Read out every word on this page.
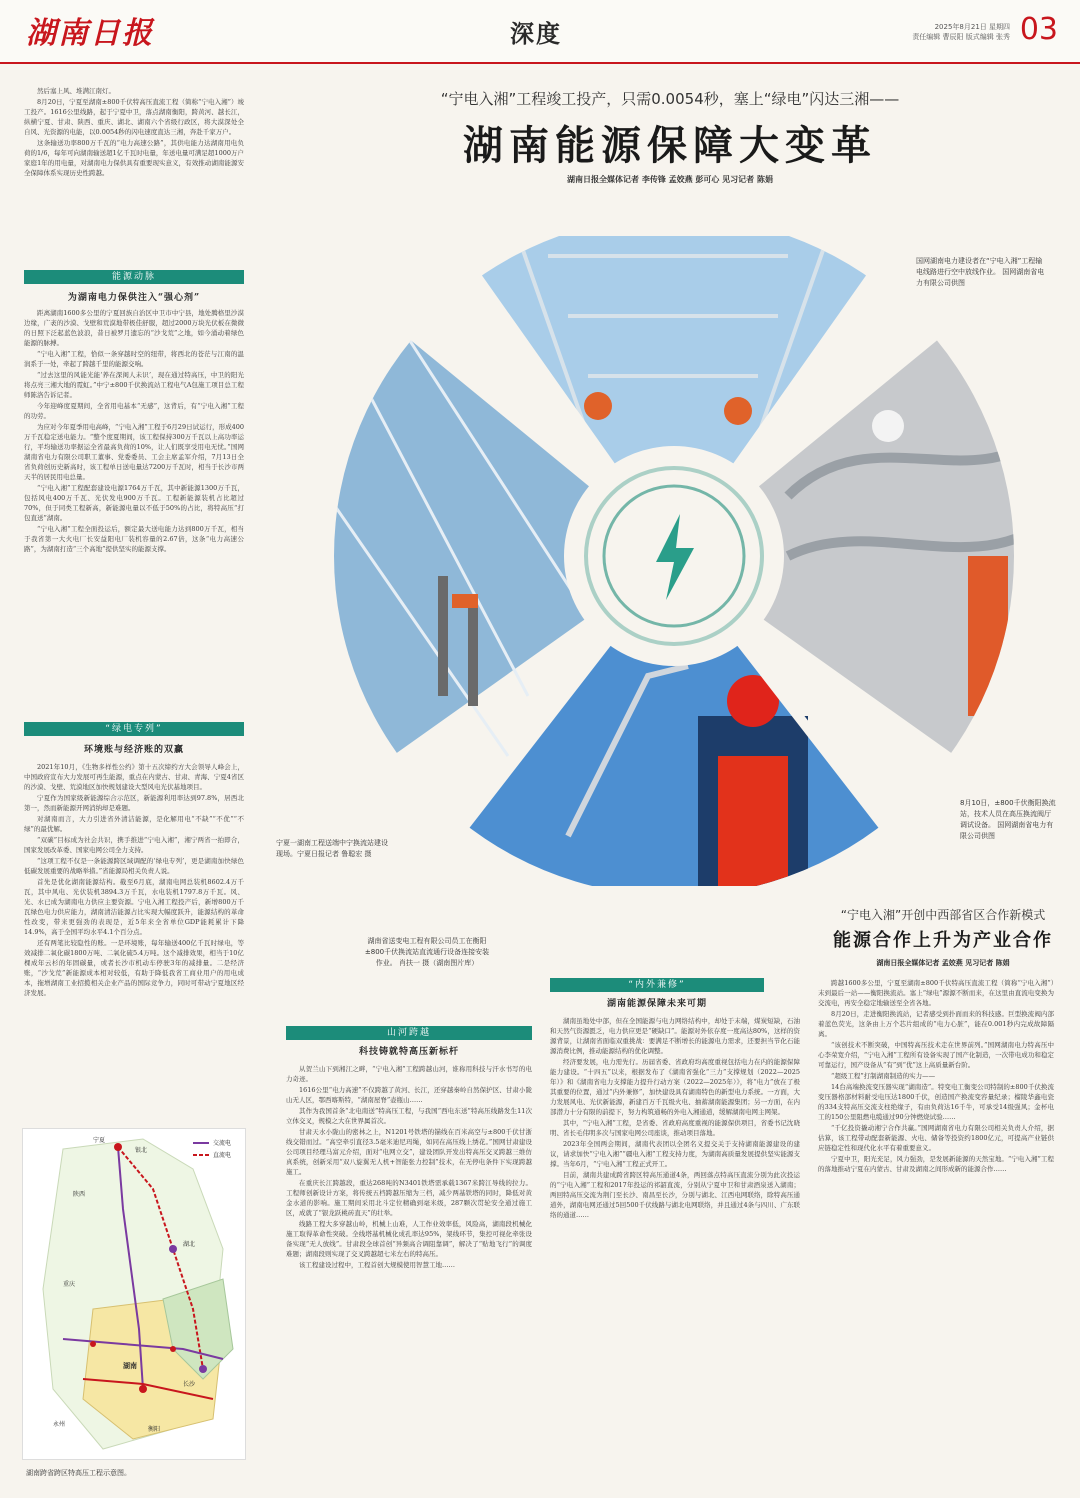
湖南日报	深度	2025年8月21日 星期四
责任编辑 曹辰阳 版式编辑 张秀 03

然后塞上风、堆满江南灯。

8月20日，宁夏至湖南±800千伏特高压直流工程（简称“宁电入湘”）竣工投产。1616公里线路，起于宁夏中卫，落点湖南衡阳，跨黄河、越长江，纵横宁夏、甘肃、陕西、重庆、湖北、湖南六个省级行政区，将大漠深处全自风、光资源的电能，以0.0054秒的闪电速度直达三湘，奔赴千家万户。

这条输送功率800万千瓦的“电力高速公路”，其供电能力达湖南用电负荷的1/6，每年可向湖南输送超1亿千瓦时电量，年送电量可满足超1000万户家庭1年的用电量，对湖南电力保供具有重要现实意义，有效推动湖南能源安全保障体系实现历史性跨越。

能源动脉
为湖南电力保供注入“强心剂”

距离湖南1600多公里的宁夏回族自治区中卫市中宁县，地处腾格里沙漠边缘，广袤的沙漠、戈壁和荒漠地带极佳舒服，超过2000万块光伏板在微微的日照下泛起蓝色波浪，昔日被罗月遗忘的“沙戈荒”之地，如今涌动着绿色能源的脉搏。

“宁电入湘”工程，恰似一条穿越时空的纽带，将西北的苍茫与江南的温润系于一处，牵起了跨越千里的能源交响。

“过去这里的风能光能‘养在深闺人未识’，现在通过特高压，中卫的阳光将点亮三湘大地的霓虹。”中宁±800千伏换流站工程电气A包施工项目总工程师陈洛告诉记者。

今年迎峰度夏期间，全省用电基本“无感”，这背后，有“宁电入湘”工程的功劳。

为应对今年夏季用电高峰，“宁电入湘”工程于6月29日试运行，形成400万千瓦稳定送电能力。“整个度夏期间，该工程保持300万千瓦以上高功率运行，平均输送功率据运全省最高负荷的10%，让人们既享受用电无忧。”国网湖南省电力有限公司职工董事、党委委员、工会主席孟军介绍，7月13日全省负荷创历史新高时，该工程单日送电量达7200万千瓦时，相当于长沙市两天半的居民用电总量。

“宁电入湘”工程配套建设电源1764万千瓦，其中新能源1300万千瓦，包括风电400万千瓦、光伏发电900万千瓦。工程新能源装机占比超过70%，但于同类工程新高，新能源电量以不低于50%的占比，将特高压“打包直送”湖南。

“宁电入湘”工程全面投运后，额定最大送电能力达到800万千瓦，相当于我省第一大火电厂长安益阳电厂装机容量的2.67倍，这条“电力高速公路”，为湖南打造“三个高地”提供坚实的能源支撑。

“绿电专列”
环境账与经济账的双赢

2021年10月，《生物多样性公约》第十五次缔约方大会领导人峰会上，中国政府宣布大力发展可再生能源，重点在内蒙古、甘肃、青海、宁夏4省区的沙漠、戈壁、荒漠地区加快规划建设大型风电光伏基地项目。

宁夏作为国家级新能源综合示范区，新能源利用率达到97.8%，居西北第一，然而新能源开网消纳却是难题。

对湖南而言，大力引进省外清洁能源，是化解用电“不缺”“不优”“不绿”的最优解。

“双碳”目标成为社会共识，携手推进“宁电入湘”，湘宁两省一拍即合，国家发展改革委、国家电网公司全力支持。

“这项工程不仅是一条能源跨区域调配的‘绿电专列’，更是湖南加快绿色低碳发展重要的战略举措。”省能源局相关负责人说。

首先是优化湖南能源结构。截至6月底，湖南电网总装机8602.4万千瓦，其中风电、光伏装机3894.3万千瓦，水电装机1797.8万千瓦。风、光、水已成为湖南电力供应主要资源。宁电入湘工程投产后，新增800万千瓦绿色电力供应能力，湖南清洁能源占比实现大幅度跃升，能源结构的革命性改变，带来更强劲的表现是，近5年来全省单位GDP能耗累计下降14.9%，高于全国平均水平4.1个百分点。

还有两笔比较隐性的账。一是环境账，每年输送400亿千瓦时绿电，等效减排二氧化碳1800万吨、二氧化硫5.4万吨。这个减排效果，相当于10亿棵成年云杉的年固碳量，或者长沙市机动车停驶3年的减排量。二是经济账，“沙戈荒”新能源成本相对较低，有助于降低我省工商业用户的用电成本，拖增湖南工业招揽相关企业产品的国际竞争力，同时可带动宁夏地区经济发展。

交流电
直流电
宁夏
银北
陕西
湖北
重庆
湖南
永州
衡阳
长沙
湖南跨省跨区特高压工程示意图。
“宁电入湘”工程竣工投产，只需0.0054秒，塞上“绿电”闪达三湘——
湖南能源保障大变革
湖南日报全媒体记者 李传锋 孟姣燕 彭可心 见习记者 陈娟
国网湖南电力建设者在“宁电入湘”工程输电线路进行空中放线作业。 国网湖南省电力有限公司供图
8月10日，±800千伏衡阳换流站，技术人员在高压换流阀厅调试设备。 国网湖南省电力有限公司供图
宁夏一湖南工程送端中宁换流站建设现场。宁夏日报记者 鲁聪宏 摄
湖南省送变电工程有限公司员工在衡阳±800千伏换流站直流通行设备连接安装作业。 肖扶一 摄（湖南图片库）
“宁电入湘”开创中西部省区合作新模式
能源合作上升为产业合作
湖南日报全媒体记者 孟姣燕 见习记者 陈娟

跨越1600多公里，宁夏至湖南±800千伏特高压直流工程（简称“宁电入湘”）末到最后一站——衡阳换流站。塞上“绿电”源源不断而来，在这里由直流电变换为交流电，再安全稳定地输送至全省各地。

8月20日，走进衡阳换流站，记者感受到扑面而来的科技感。巨型换流阀内部着蓝色荧光，这条由上万个芯片组成的“电力心脏”，能在0.001秒内完成故障隔离。

“该创技术不断突破，中国特高压技术走在世界前列。”国网湖南电力特高压中心李荣宽介绍，“宁电入湘”工程所有设备实现了国产化制造，一次带电成功和稳定可靠运行，国产设备从“有”到“优”这上高质量新台阶。

“超级工程”打制湖南制造的实力——

14台高端换流变压器实现“湖南造”。特变电工衡变公司特制的±800千伏换流变压器格部材料耐受电压达1800千伏，创造国产换流变容量纪录；榴陵华鑫电瓷的334支特高压交流支柱绝缘子，有由负荷达16千牛，可承受14级强风；金杯电工的150公里阻燃电缆通过90分钟燃烧试验……

“千亿投资撬动湘宁合作共赢。”国网湖南省电力有限公司相关负责人介绍，据估算，该工程带动配套新能源、火电、储备等投资约1800亿元，可提高产业链供应链稳定性和现代化水平有着重要意义。

宁夏中卫，阳光充足，风力强劲，是发展新能源的天然宝地。“宁电入湘”工程的落地推动宁夏在内蒙古、甘肃及湖南之间形成新的能源合作……

山河跨越
科技铸就特高压新标杆

从贺兰山下到湘江之畔，“宁电入湘”工程跨越山河，谁称用科技与汗水书写的电力奇迹。

1616公里“电力高速”不仅跨越了黄河、长江，还穿越秦岭自然保护区、甘肃小陇山无人区，鄂西喀斯特，“湖南屋脊”壶瓶山……

其作为我国首条“北电南送”特高压工程，与我国“西电东送”特高压线路发生11次立体交叉，规模之大在世界属首次。

甘肃天水小陇山的密林之上，N1201号铁塔的锚线在百米高空与±800千伏甘浙线交错而过。“高空牵引直径3.5毫米迪尼玛绳，如同在高压线上绣花。”国网甘肃建设公司项目经理马富元介绍，面对“电网立交”，建设团队开发出特高压交叉跨越三维仿真系统，创新采用“双八旋翼无人机+智能张力控制”技术，在无停电条件下实现跨越施工。

在重庆长江跨越段，重达268吨的N3401铁塔需承载1367米跨江导线的拉力。工程师创新设计方案，将传统五档跨越压缩为三档，减少两基铁塔的同时，降低对黄金水道的影响。施工期间采用北斗定位精确到毫米级，287颗次贯轮安全通过施工区，成就了“银龙跃桃砖直天”的壮举。

线路工程大多穿越山岭，机械上山难，人工作业效率低，风险高，湖南段机械化施工取得革命性突破。全线塔基机械化成孔率达95%，架线环节，集控可视化牵张设备实现“无人放线”。甘肃段全球首创“异频高合调阻靠调”，解决了“贴地飞行”的调度难题；湖南段则实现了交叉跨越超七米左右的特高压。

该工程建设过程中，工程首创大规模使用智慧工地……

“内外兼修”
湖南能源保障未来可期

湖南虽地处中部，但在全国能源与电力网络结构中，却处于末端，煤炭短缺，石油和天然气资源匮乏，电力供应更是“硬缺口”。能源对外依存度一度高达80%，这样的资源背景，让湖南省面临双重挑战：要满足不断增长的能源电力需求，还要担当节化石能源消费比例，推动能源结构的优化调整。

经济要发展，电力需先行。历届省委、省政府均高度重视包括电力在内的能源保障能力建设。“十四五”以来，根据发布了《湖南省强化“三力”支撑规划（2022—2025年）》和《湖南省电力支撑能力提升行动方案（2022—2025年）》，将“电力”放在了极其重要的位置，通过“内外兼修”，加快建设具有湖南特色的新型电力系统。一方面，大力发展风电、光伏新能源，新建百万千瓦级火电、抽蓄湖南能源集团；另一方面，在内部潜力十分有限的前提下，努力构筑通畅的外电入湘通道，缓解湖南电网主网架。

其中，“宁电入湘”工程，是省委、省政府高度重视的能源保供项目，省委书记沈晓明、省长毛伟明多次与国家电网公司座谈，推动项目落地。

2023年全国两会期间，湖南代表团以全团名义提交关于支持湖南能源建设的建议，请求加快“宁电入湘”“疆电入湘”工程支持力度，为湖南高质量发展提供坚实能源支撑。当年6月，“宁电入湘”工程正式开工。

目前，湖南共建成跨省跨区特高压通道4条，两回落点特高压直流分别为此次投运的“宁电入湘”工程和2017年投运的祁韶直流，分别从宁夏中卫和甘肃酒泉送入湖南；两回特高压交流为荆门至长沙、南昌至长沙，分别与湖北、江西电网联络，除特高压通道外，湖南电网还通过5回500千伏线路与湖北电网联络，并且通过4条与四川、广东联络的通道……
